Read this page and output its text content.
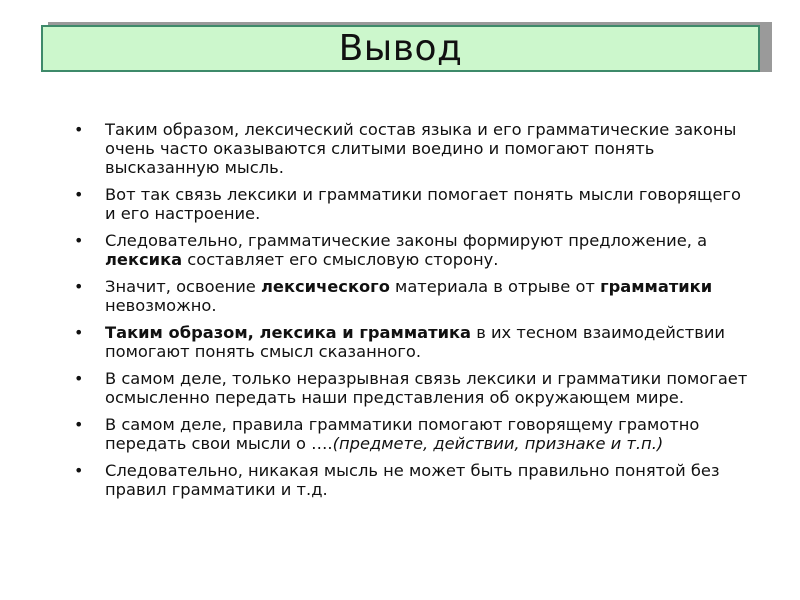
Вывод
• Таким образом, лексический состав языка и его грамматические законы очень часто оказываются слитыми воедино и помогают понять высказанную мысль.
• Вот так связь лексики и грамматики помогает понять мысли говорящего и его настроение.
• Следовательно, грамматические законы формируют предложение, а лексика составляет его смысловую сторону.
• Значит, освоение лексического материала в отрыве от грамматики невозможно.
• Таким образом, лексика и грамматика в их тесном взаимодействии помогают понять смысл сказанного.
• В самом деле, только неразрывная связь лексики и грамматики помогает осмысленно передать наши представления об окружающем мире.
• В самом деле, правила грамматики помогают говорящему грамотно передать свои мысли о ….(предмете, действии, признаке и т.п.)
• Следовательно, никакая мысль не может быть правильно понятой без правил грамматики и т.д.
